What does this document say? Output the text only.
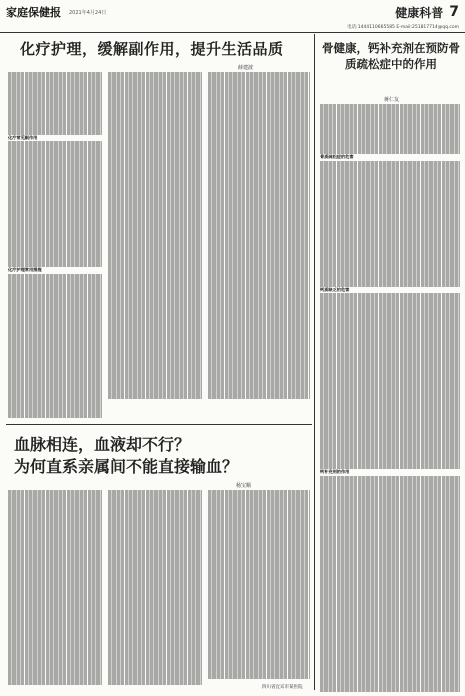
家庭保健报 2021年4月24日	健康科普 7
电话:1444110665585 E-mail:251817714@qq.com
化疗护理，缓解副作用，提升生活品质
薛建波
化疗常见副作用
化疗护理常用措施
血脉相连，血液却不行？
为何直系亲属间不能直接输血？
杨宝顺
四川省宜宾市某医院
骨健康，钙补充剂在预防骨质疏松症中的作用
蒋仁友
骨质疏松症的危害
钙质缺乏的危害
钙补充剂的作用
